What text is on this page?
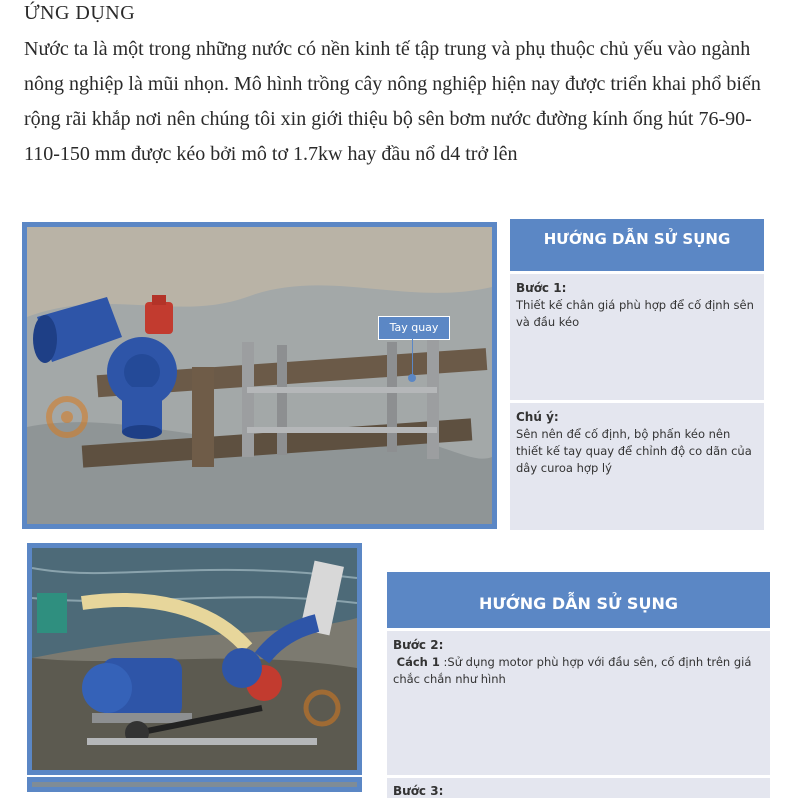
ỨNG DỤNG
Nước ta là một trong những nước có nền kinh tế tập trung và phụ thuộc chủ yếu vào ngành nông nghiệp là mũi nhọn. Mô hình trồng cây nông nghiệp hiện nay được triển khai phổ biến rộng rãi khắp nơi nên chúng tôi xin giới thiệu bộ sên bơm nước đường kính ống hút 76-90-110-150 mm được kéo bởi mô tơ 1.7kw hay đầu nổ d4 trở lên
Tay quay
HƯỚNG DẪN SỬ SỤNG
Bước 1:
Thiết kế chân giá phù hợp để cố định sên và đầu kéo
Chú ý:
Sên nên để cố định, bộ phấn kéo nên thiết kế tay quay để chỉnh độ co dãn của dây curoa hợp lý
HƯỚNG DẪN SỬ SỤNG
Bước 2:
Cách 1 :Sử dụng motor phù hợp với đầu sên, cố định trên giá chắc chắn như hình
Bước 3:
